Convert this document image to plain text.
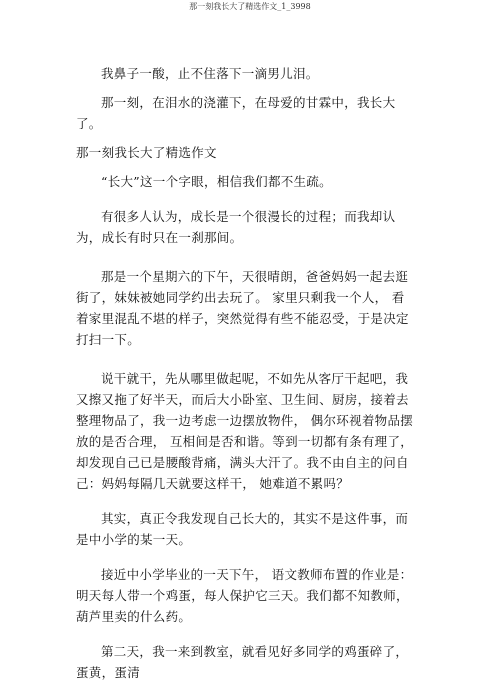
那一刻我长大了精选作文_1_3998

我鼻子一酸，止不住落下一滴男儿泪。

那一刻，在泪水的浇灌下，在母爱的甘霖中，我长大了。

那一刻我长大了精选作文

“长大”这一个字眼，相信我们都不生疏。

有很多人认为，成长是一个很漫长的过程；而我却认为，成长有时只在一刹那间。

那是一个星期六的下午，天很晴朗，爸爸妈妈一起去逛街了，妹妹被她同学约出去玩了。 家里只剩我一个人， 看着家里混乱不堪的样子，突然觉得有些不能忍受，于是决定打扫一下。

说干就干，先从哪里做起呢，不如先从客厅干起吧，我又擦又拖了好半天，而后大小卧室、卫生间、厨房，接着去整理物品了，我一边考虑一边摆放物件， 偶尔环视着物品摆放的是否合理， 互相间是否和谐。等到一切都有条有理了，却发现自己已是腰酸背痛，满头大汗了。我不由自主的问自己：妈妈每隔几天就要这样干， 她难道不累吗？

其实，真正令我发现自己长大的，其实不是这件事，而是中小学的某一天。

接近中小学毕业的一天下午， 语文教师布置的作业是： 明天每人带一个鸡蛋，每人保护它三天。我们都不知教师，葫芦里卖的什么药。

第二天，我一来到教室，就看见好多同学的鸡蛋碎了，蛋黄，蛋清
